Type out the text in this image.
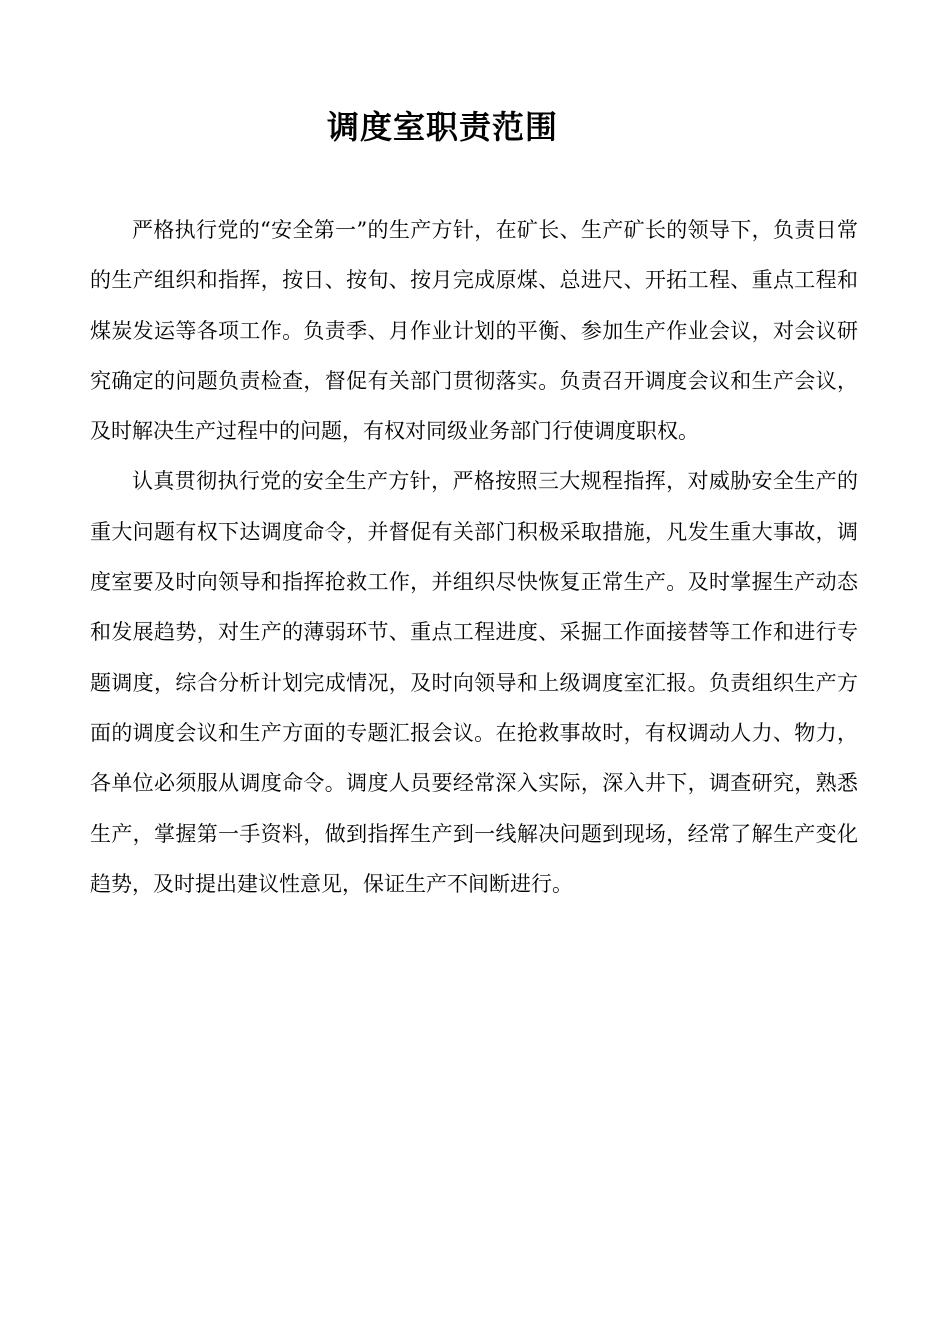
调度室职责范围

严格执行党的“安全第一”的生产方针，在矿长、生产矿长的领导下，负责日常的生产组织和指挥，按日、按旬、按月完成原煤、总进尺、开拓工程、重点工程和煤炭发运等各项工作。负责季、月作业计划的平衡、参加生产作业会议，对会议研究确定的问题负责检查，督促有关部门贯彻落实。负责召开调度会议和生产会议，及时解决生产过程中的问题，有权对同级业务部门行使调度职权。

认真贯彻执行党的安全生产方针，严格按照三大规程指挥，对威胁安全生产的重大问题有权下达调度命令，并督促有关部门积极采取措施，凡发生重大事故，调度室要及时向领导和指挥抢救工作，并组织尽快恢复正常生产。及时掌握生产动态和发展趋势，对生产的薄弱环节、重点工程进度、采掘工作面接替等工作和进行专题调度，综合分析计划完成情况，及时向领导和上级调度室汇报。负责组织生产方面的调度会议和生产方面的专题汇报会议。在抢救事故时，有权调动人力、物力，各单位必须服从调度命令。调度人员要经常深入实际，深入井下，调查研究，熟悉生产，掌握第一手资料，做到指挥生产到一线解决问题到现场，经常了解生产变化趋势，及时提出建议性意见，保证生产不间断进行。
